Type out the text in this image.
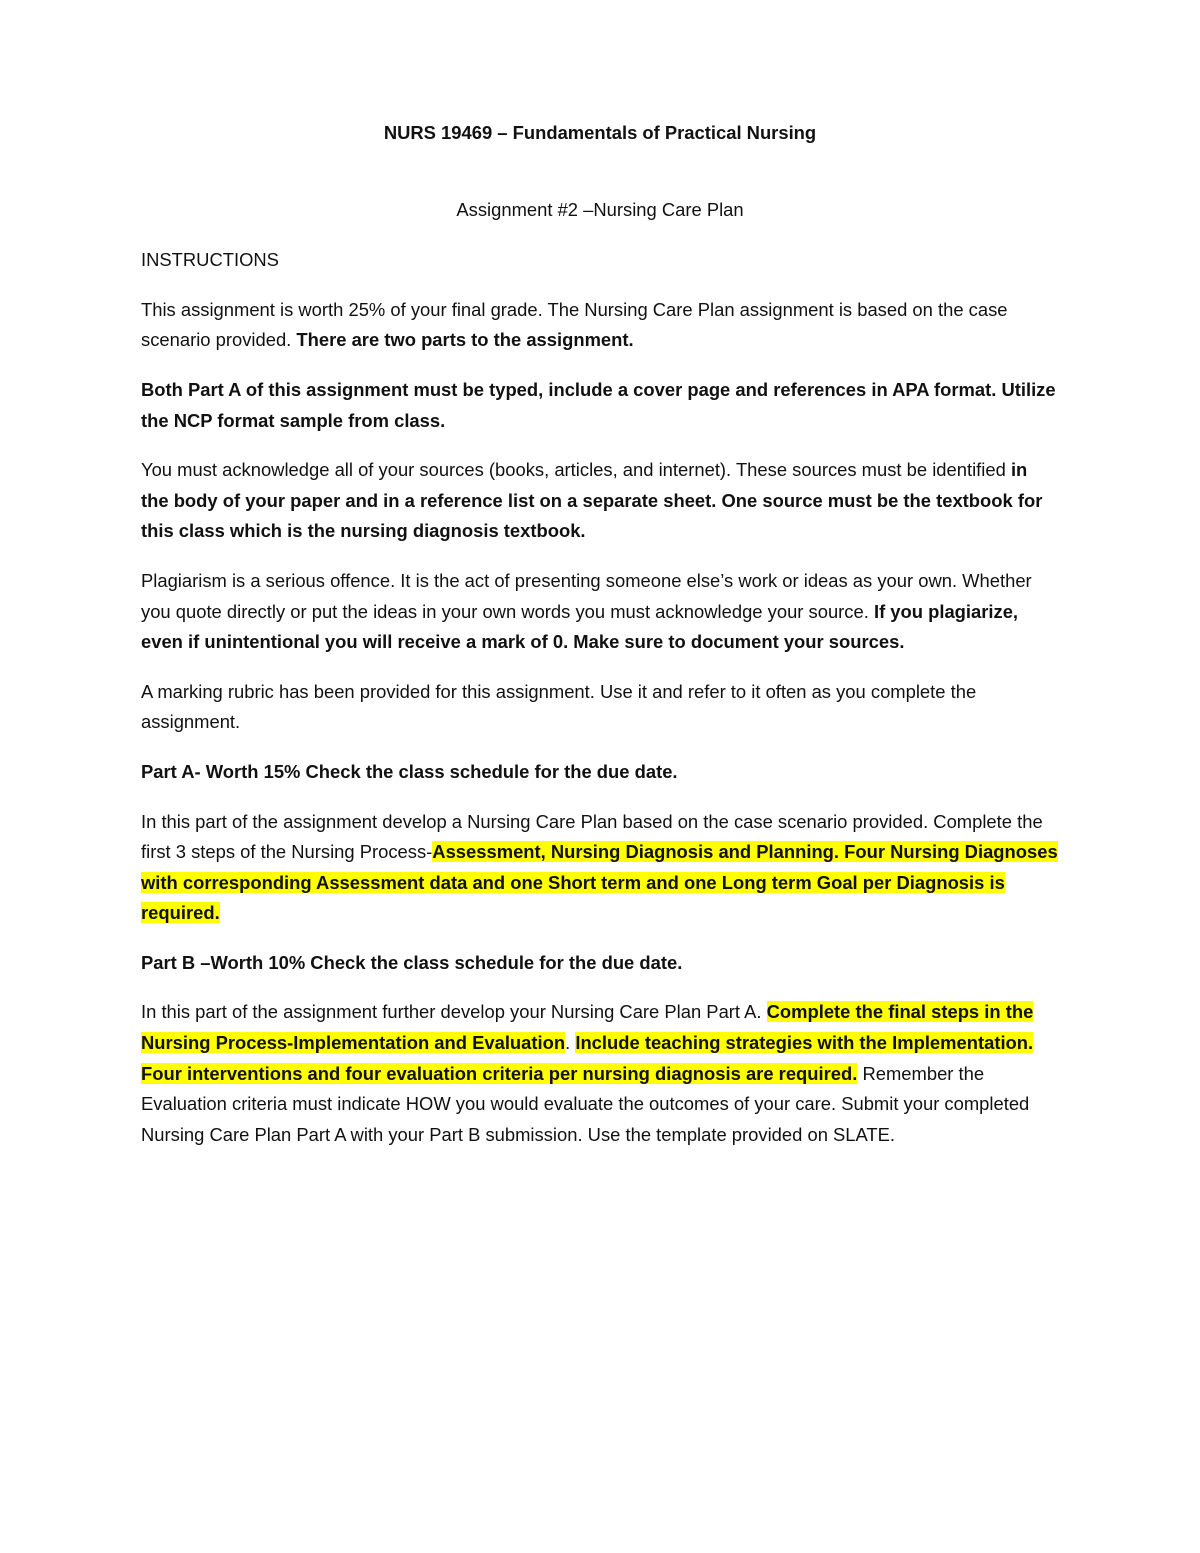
NURS 19469 – Fundamentals of Practical Nursing
Assignment #2 –Nursing Care Plan
INSTRUCTIONS

This assignment is worth 25% of your final grade. The Nursing Care Plan assignment is based on the case scenario provided. There are two parts to the assignment.

Both Part A of this assignment must be typed, include a cover page and references in APA format. Utilize the NCP format sample from class.

You must acknowledge all of your sources (books, articles, and internet). These sources must be identified in the body of your paper and in a reference list on a separate sheet. One source must be the textbook for this class which is the nursing diagnosis textbook.

Plagiarism is a serious offence. It is the act of presenting someone else’s work or ideas as your own. Whether you quote directly or put the ideas in your own words you must acknowledge your source. If you plagiarize, even if unintentional you will receive a mark of 0. Make sure to document your sources.

A marking rubric has been provided for this assignment. Use it and refer to it often as you complete the assignment.

Part A- Worth 15% Check the class schedule for the due date.

In this part of the assignment develop a Nursing Care Plan based on the case scenario provided. Complete the first 3 steps of the Nursing Process-Assessment, Nursing Diagnosis and Planning. Four Nursing Diagnoses with corresponding Assessment data and one Short term and one Long term Goal per Diagnosis is required.

Part B –Worth 10% Check the class schedule for the due date.

In this part of the assignment further develop your Nursing Care Plan Part A. Complete the final steps in the Nursing Process-Implementation and Evaluation. Include teaching strategies with the Implementation. Four interventions and four evaluation criteria per nursing diagnosis are required. Remember the Evaluation criteria must indicate HOW you would evaluate the outcomes of your care. Submit your completed Nursing Care Plan Part A with your Part B submission. Use the template provided on SLATE.
